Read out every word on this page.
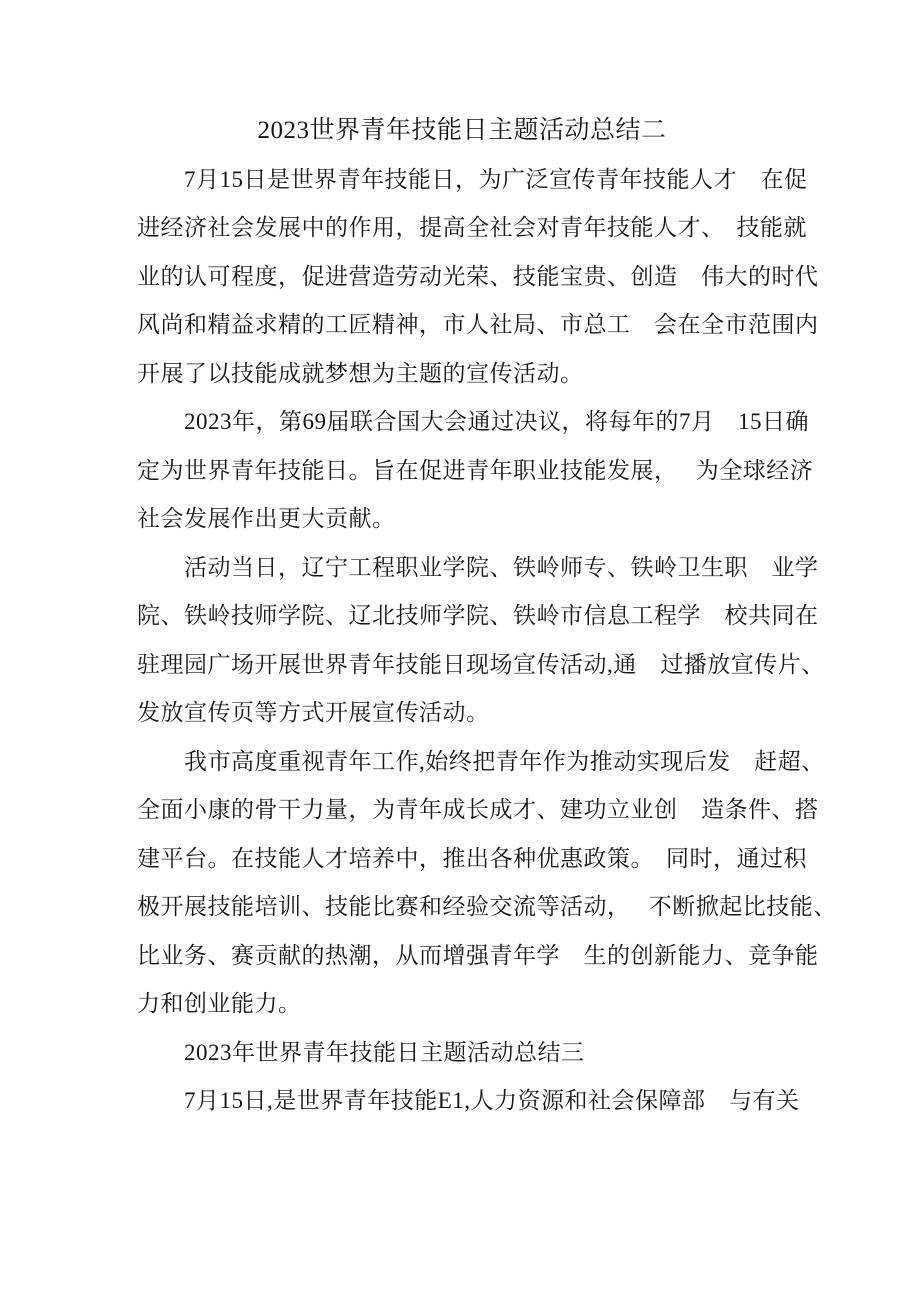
2023世界青年技能日主题活动总结二
7月15日是世界青年技能日，为广泛宣传青年技能人才　在促
进经济社会发展中的作用，提高全社会对青年技能人才、　技能就
业的认可程度，促进营造劳动光荣、技能宝贵、创造　伟大的时代
风尚和精益求精的工匠精神，市人社局、市总工　会在全市范围内
开展了以技能成就梦想为主题的宣传活动。
2023年，第69届联合国大会通过决议，将每年的7月　15日确
定为世界青年技能日。旨在促进青年职业技能发展，　 为全球经济
社会发展作出更大贡献。
活动当日，辽宁工程职业学院、铁岭师专、铁岭卫生职　业学
院、铁岭技师学院、辽北技师学院、铁岭市信息工程学　校共同在
驻理园广场开展世界青年技能日现场宣传活动,通　过播放宣传片、
发放宣传页等方式开展宣传活动。
我市高度重视青年工作,始终把青年作为推动实现后发　赶超、
全面小康的骨干力量，为青年成长成才、建功立业创　造条件、搭
建平台。在技能人才培养中，推出各种优惠政策。　同时，通过积
极开展技能培训、技能比赛和经验交流等活动，　 不断掀起比技能、
比业务、赛贡献的热潮，从而增强青年学　生的创新能力、竞争能
力和创业能力。
2023年世界青年技能日主题活动总结三
7月15日,是世界青年技能E1,人力资源和社会保障部　与有关
